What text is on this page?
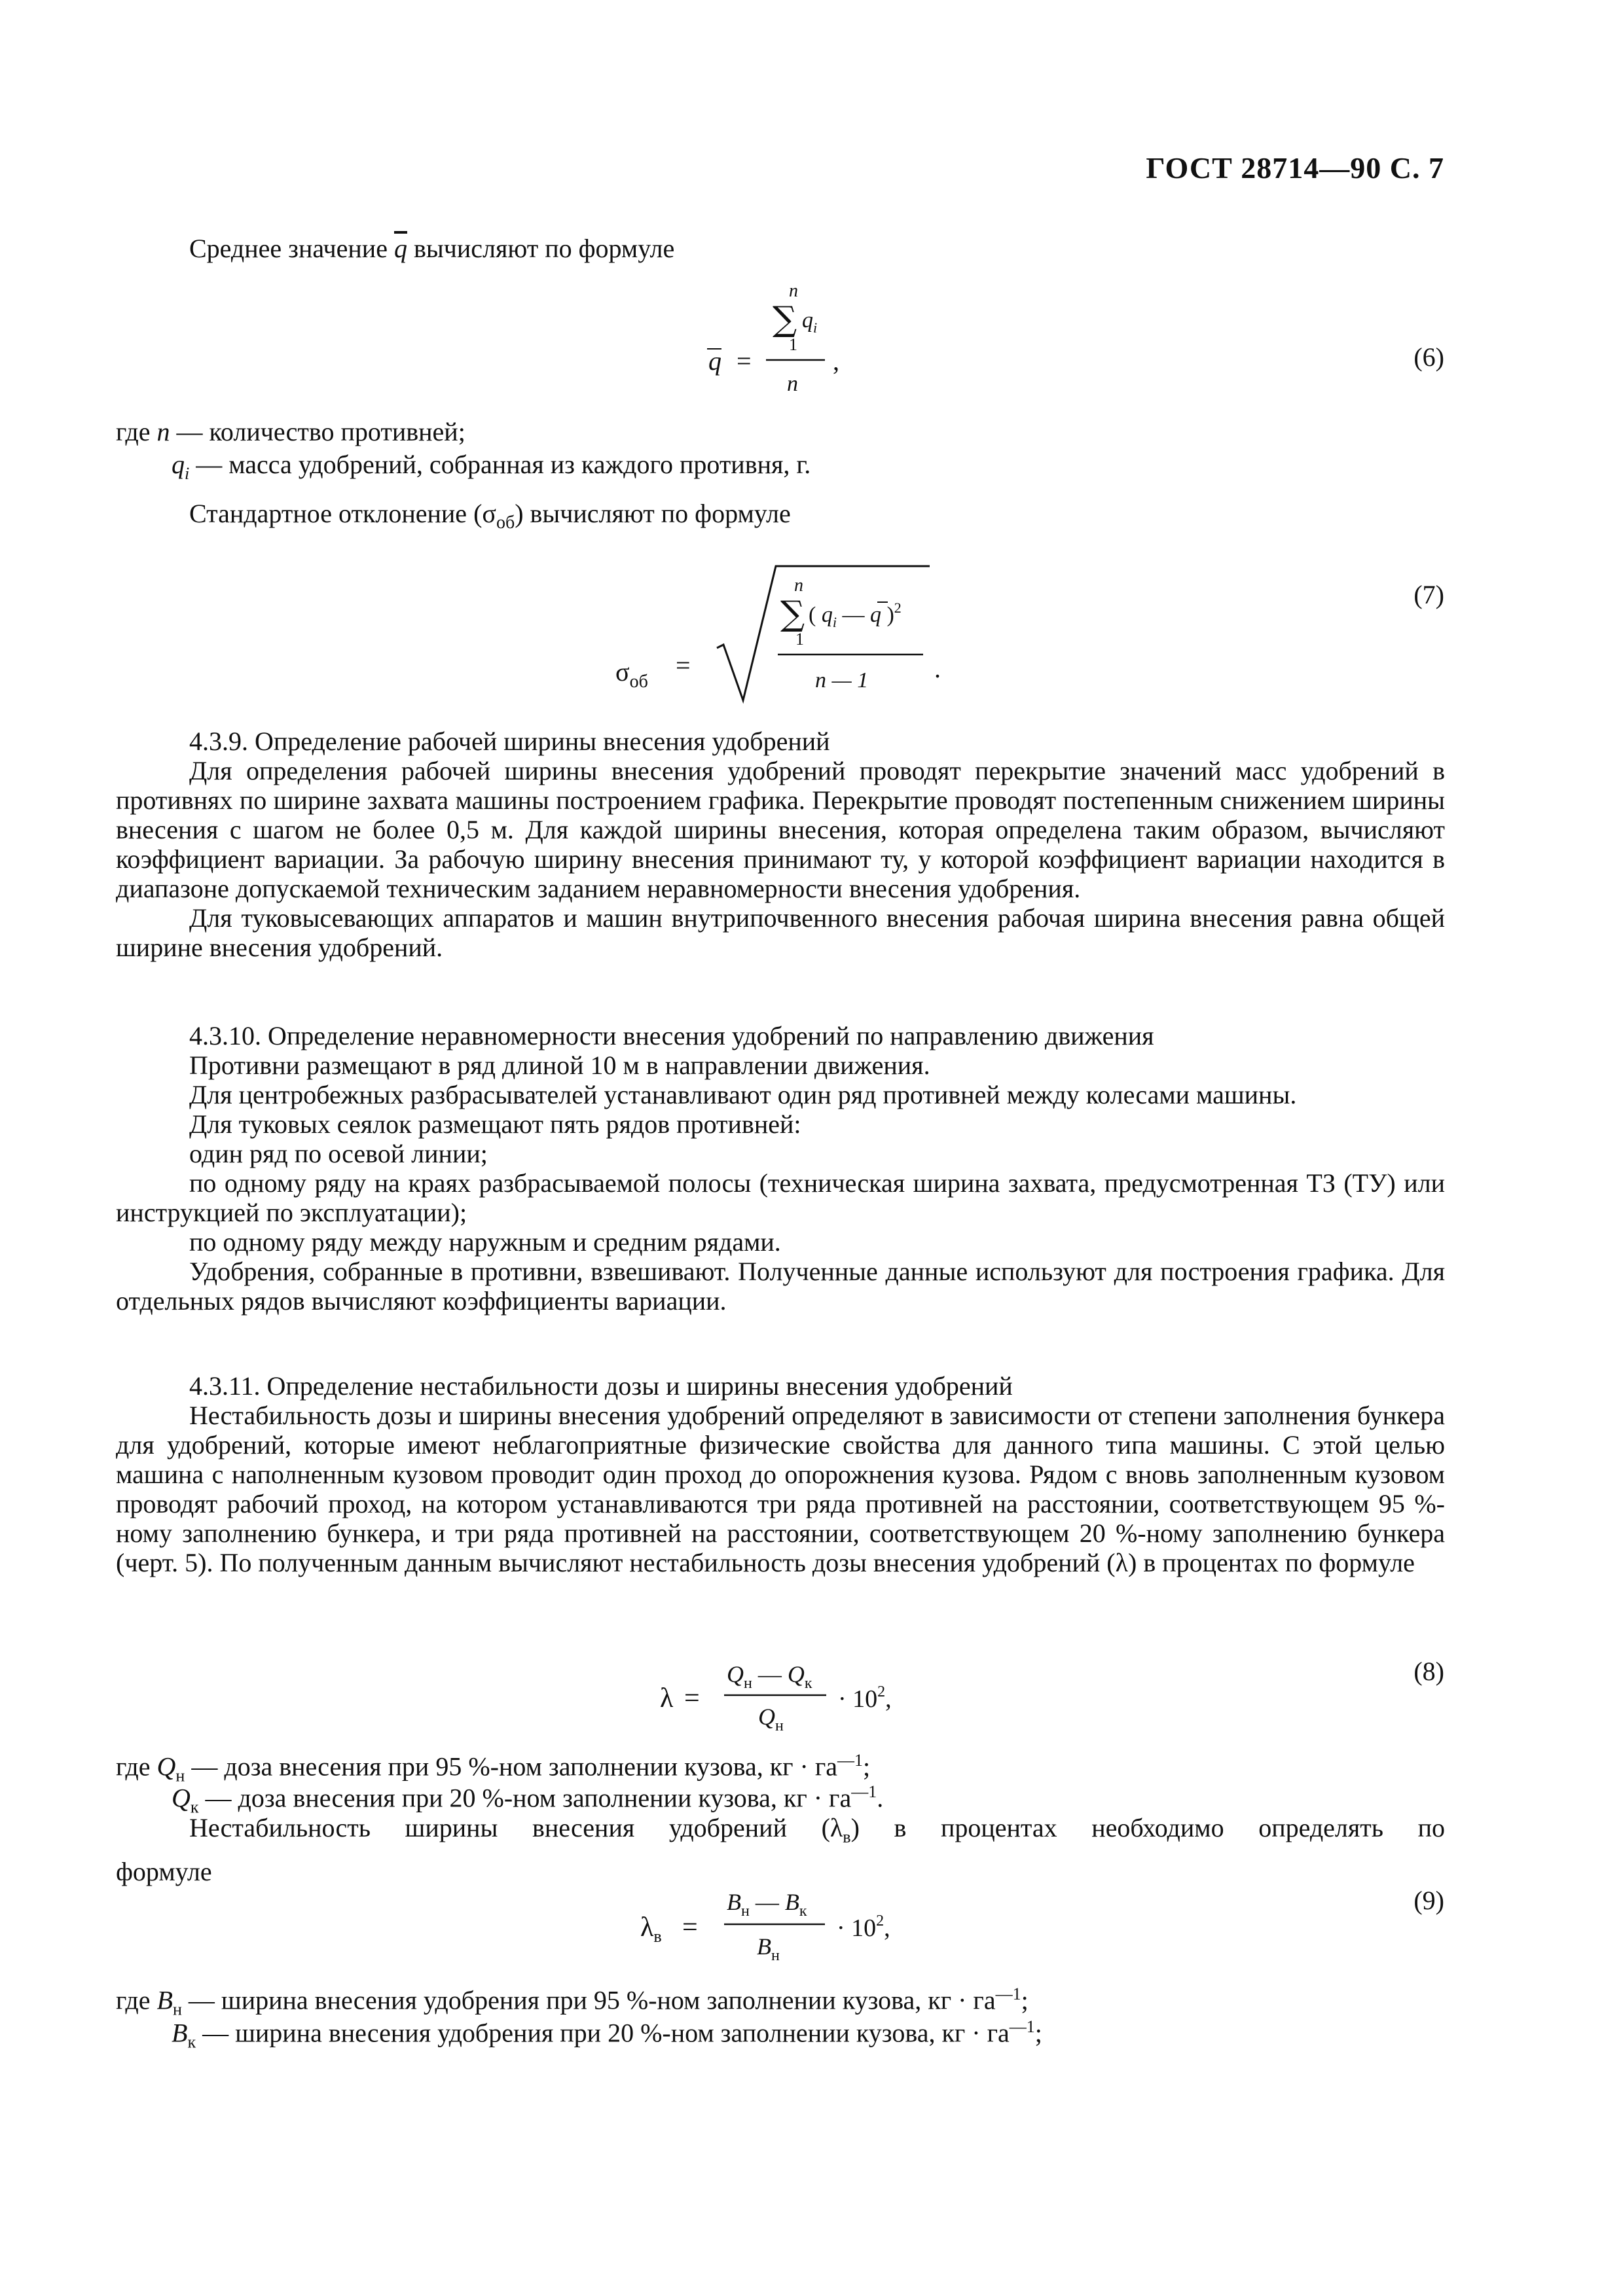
ГОСТ 28714—90 С. 7
Среднее значение $\overline{q}$ вычисляют по формуле
n
∑ $q_i$
1
q =
n
,	(6)
где n — количество противней;
$q_i$ — масса удобрений, собранная из каждого противня, г.
Стандартное отклонение $(\sigma_{об})$ вычисляют по формуле
$\sigma_{об}$
=
n
∑ ( $q_i$ — q )$^2$
1
n — 1	.
(7)

4.3.9. Определение рабочей ширины внесения удобрений

Для определения рабочей ширины внесения удобрений проводят перекрытие значений масс удобрений в противнях по ширине захвата машины построением графика. Перекрытие проводят постепенным снижением ширины внесения с шагом не более 0,5 м. Для каждой ширины внесения, которая определена таким образом, вычисляют коэффициент вариации. За рабочую ширину внесения принимают ту, у которой коэффициент вариации находится в диапазоне допускаемой техническим заданием неравномерности внесения удобрения.

Для туковысевающих аппаратов и машин внутрипочвенного внесения рабочая ширина внесения равна общей ширине внесения удобрений.

4.3.10. Определение неравномерности внесения удобрений по направлению движения

Противни размещают в ряд длиной 10 м в направлении движения.

Для центробежных разбрасывателей устанавливают один ряд противней между колесами машины.

Для туковых сеялок размещают пять рядов противней:

один ряд по осевой линии;

по одному ряду на краях разбрасываемой полосы (техническая ширина захвата, предусмотренная ТЗ (ТУ) или инструкцией по эксплуатации);

по одному ряду между наружным и средним рядами.

Удобрения, собранные в противни, взвешивают. Полученные данные используют для построения графика. Для отдельных рядов вычисляют коэффициенты вариации.

4.3.11. Определение нестабильности дозы и ширины внесения удобрений

Нестабильность дозы и ширины внесения удобрений определяют в зависимости от степени заполнения бункера для удобрений, которые имеют неблагоприятные физические свойства для данного типа машины. С этой целью машина с наполненным кузовом проводит один проход до опорожнения кузова. Рядом с вновь заполненным кузовом проводят рабочий проход, на котором устанавливаются три ряда противней на расстоянии, соответствующем 95 %-ному заполнению бункера, и три ряда противней на расстоянии, соответствующем 20 %-ному заполнению бункера (черт. 5). По полученным данным вычисляют нестабильность дозы внесения удобрений (λ) в процентах по формуле

λ =
$Q_н$ — $Q_к$
$Q_н$
· $10^2$,
(8)
где $Q_н$ — доза внесения при 95 %-ном заполнении кузова, кг · $га^{—1}$;
$Q_к$ — доза внесения при 20 %-ном заполнении кузова, кг · $га^{—1}$.

Нестабильность ширины внесения удобрений $(\lambda_в)$ в процентах необходимо определять по

формуле

$\lambda_в$ =
$B_н$ — $B_к$
$B_н$
· $10^2$,
(9)
где $B_н$ — ширина внесения удобрения при 95 %-ном заполнении кузова, кг · $га^{—1}$;
$B_к$ — ширина внесения удобрения при 20 %-ном заполнении кузова, кг · $га^{—1}$;
